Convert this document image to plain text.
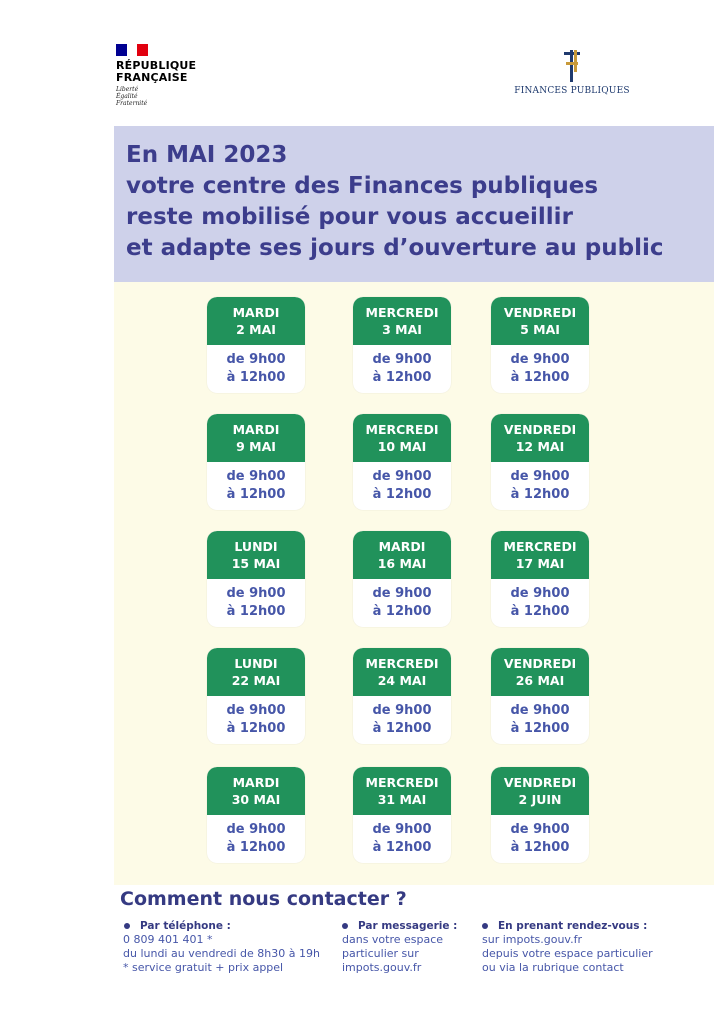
RÉPUBLIQUE
FRANÇAISE
Liberté
Égalité
Fraternité
FINANCES PUBLIQUES
En MAI 2023
votre centre des Finances publiques
reste mobilisé pour vous accueillir
et adapte ses jours d’ouverture au public
MARDI
2 MAI
de 9h00
à 12h00
MERCREDI
3 MAI
de 9h00
à 12h00
VENDREDI
5 MAI
de 9h00
à 12h00
MARDI
9 MAI
de 9h00
à 12h00
MERCREDI
10 MAI
de 9h00
à 12h00
VENDREDI
12 MAI
de 9h00
à 12h00
LUNDI
15 MAI
de 9h00
à 12h00
MARDI
16 MAI
de 9h00
à 12h00
MERCREDI
17 MAI
de 9h00
à 12h00
LUNDI
22 MAI
de 9h00
à 12h00
MERCREDI
24 MAI
de 9h00
à 12h00
VENDREDI
26 MAI
de 9h00
à 12h00
MARDI
30 MAI
de 9h00
à 12h00
MERCREDI
31 MAI
de 9h00
à 12h00
VENDREDI
2 JUIN
de 9h00
à 12h00
Comment nous contacter ?
Par téléphone :
0 809 401 401 *
du lundi au vendredi de 8h30 à 19h
* service gratuit + prix appel
Par messagerie :
dans votre espace
particulier sur
impots.gouv.fr
En prenant rendez-vous :
sur impots.gouv.fr
depuis votre espace particulier
ou via la rubrique contact
